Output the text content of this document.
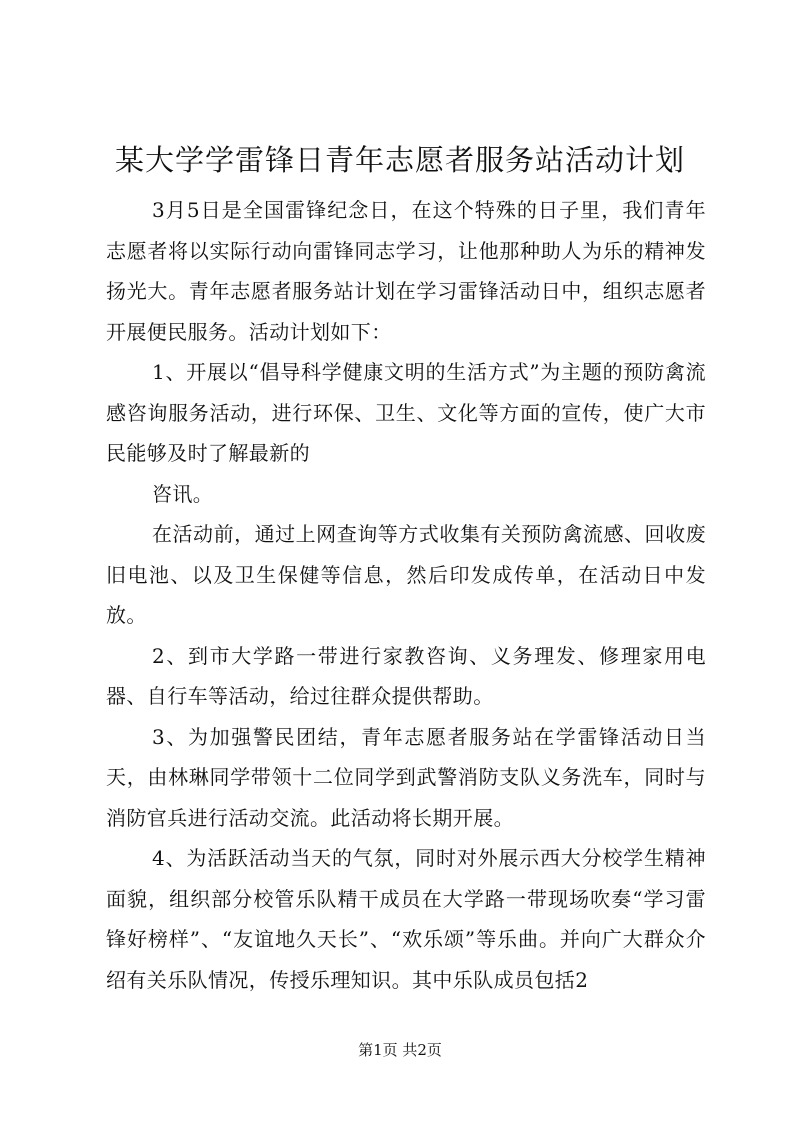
某大学学雷锋日青年志愿者服务站活动计划

3月5日是全国雷锋纪念日，在这个特殊的日子里，我们青年志愿者将以实际行动向雷锋同志学习，让他那种助人为乐的精神发扬光大。青年志愿者服务站计划在学习雷锋活动日中，组织志愿者开展便民服务。活动计划如下：

1、开展以“倡导科学健康文明的生活方式”为主题的预防禽流感咨询服务活动，进行环保、卫生、文化等方面的宣传，使广大市民能够及时了解最新的

咨讯。

在活动前，通过上网查询等方式收集有关预防禽流感、回收废旧电池、以及卫生保健等信息，然后印发成传单，在活动日中发放。

2、到市大学路一带进行家教咨询、义务理发、修理家用电器、自行车等活动，给过往群众提供帮助。

3、为加强警民团结，青年志愿者服务站在学雷锋活动日当天，由林琳同学带领十二位同学到武警消防支队义务洗车，同时与消防官兵进行活动交流。此活动将长期开展。

4、为活跃活动当天的气氛，同时对外展示西大分校学生精神面貌，组织部分校管乐队精干成员在大学路一带现场吹奏“学习雷锋好榜样”、“友谊地久天长”、“欢乐颂”等乐曲。并向广大群众介绍有关乐队情况，传授乐理知识。其中乐队成员包括2

第1页 共2页
